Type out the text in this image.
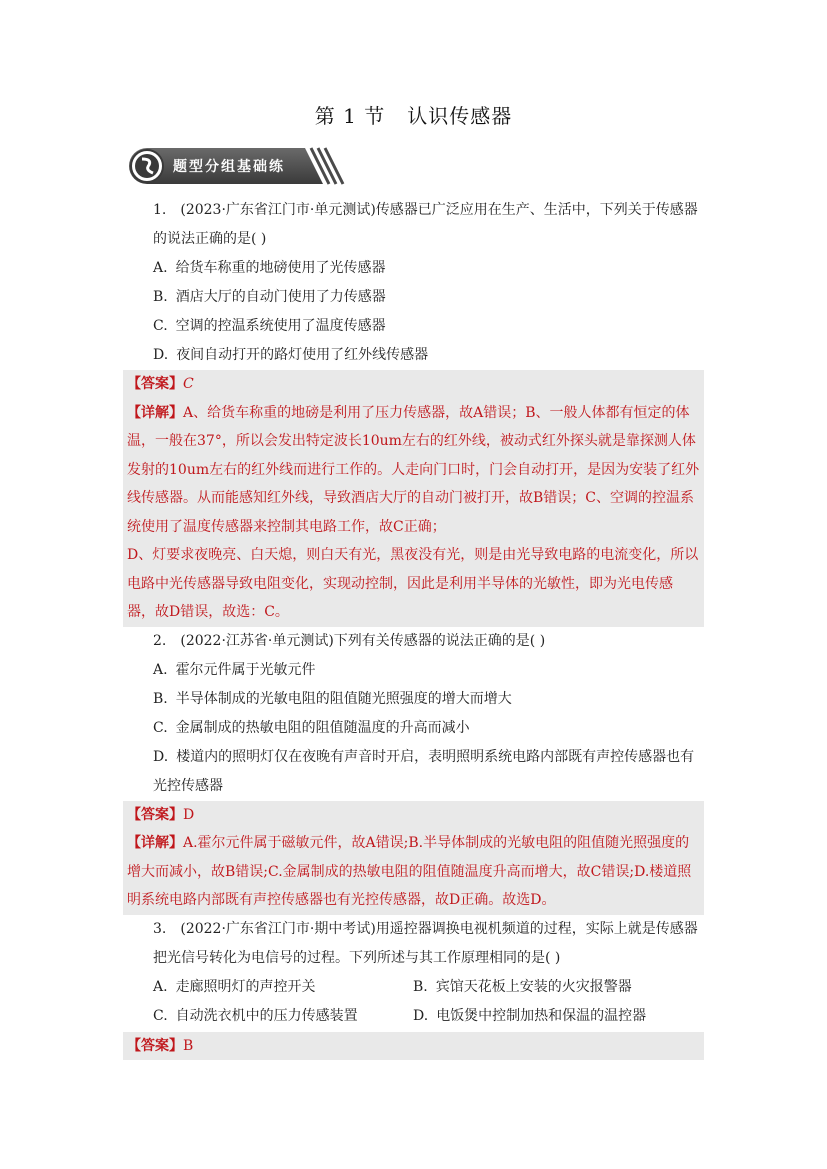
第 1 节 认识传感器
题型分组基础练
1. (2023·广东省江门市·单元测试)传感器已广泛应用在生产、生活中，下列关于传感器的说法正确的是( )
A. 给货车称重的地磅使用了光传感器
B. 酒店大厅的自动门使用了力传感器
C. 空调的控温系统使用了温度传感器
D. 夜间自动打开的路灯使用了红外线传感器
【答案】C
【详解】A、给货车称重的地磅是利用了压力传感器，故A错误；B、一般人体都有恒定的体温，一般在37°，所以会发出特定波长10um左右的红外线，被动式红外探头就是靠探测人体发射的10um左右的红外线而进行工作的。人走向门口时，门会自动打开，是因为安装了红外线传感器。从而能感知红外线，导致酒店大厅的自动门被打开，故B错误；C、空调的控温系统使用了温度传感器来控制其电路工作，故C正确；
D、灯要求夜晚亮、白天熄，则白天有光，黑夜没有光，则是由光导致电路的电流变化，所以电路中光传感器导致电阻变化，实现动控制，因此是利用半导体的光敏性，即为光电传感器，故D错误，故选：C。
2. (2022·江苏省·单元测试)下列有关传感器的说法正确的是( )
A. 霍尔元件属于光敏元件
B. 半导体制成的光敏电阻的阻值随光照强度的增大而增大
C. 金属制成的热敏电阻的阻值随温度的升高而减小
D. 楼道内的照明灯仅在夜晚有声音时开启，表明照明系统电路内部既有声控传感器也有光控传感器
【答案】D
【详解】A.霍尔元件属于磁敏元件，故A错误;B.半导体制成的光敏电阻的阻值随光照强度的增大而减小，故B错误;C.金属制成的热敏电阻的阻值随温度升高而增大，故C错误;D.楼道照明系统电路内部既有声控传感器也有光控传感器，故D正确。故选D。
3. (2022·广东省江门市·期中考试)用遥控器调换电视机频道的过程，实际上就是传感器把光信号转化为电信号的过程。下列所述与其工作原理相同的是( )
A. 走廊照明灯的声控开关	B. 宾馆天花板上安装的火灾报警器
C. 自动洗衣机中的压力传感装置	D. 电饭煲中控制加热和保温的温控器
【答案】B
